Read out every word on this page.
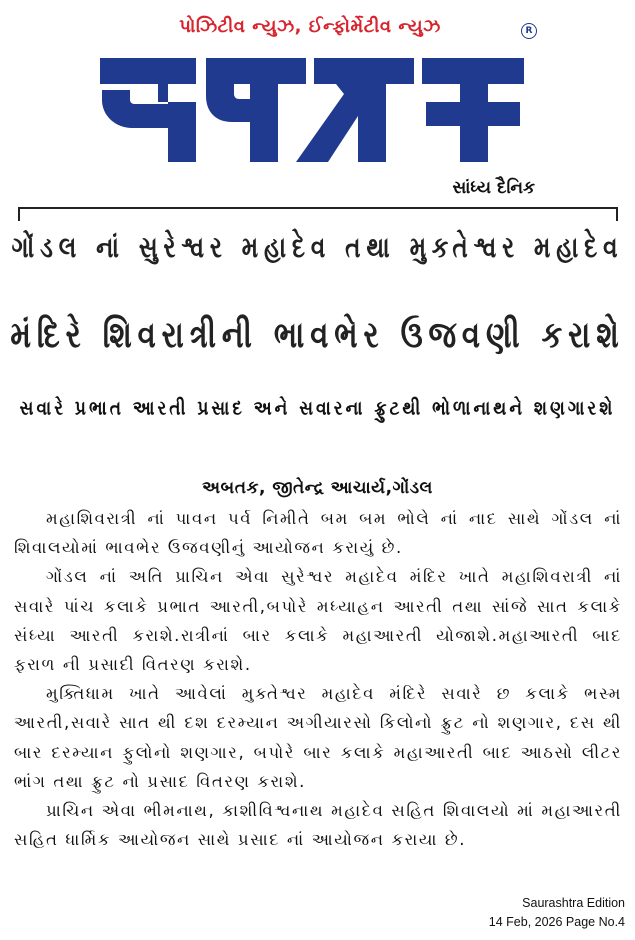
પોઝિટીવ ન્યુઝ, ઈન્ફોર્મેટીવ ન્યુઝ	R
સાંધ્ય દૈનિક
ગોંડલ નાં સુરેશ્વર મહાદેવ તથા મુક્તેશ્વર મહાદેવ
મંદિરે શિવરાત્રીની ભાવભેર ઉજવણી કરાશે
સવારે પ્રભાત આરતી પ્રસાદ અને સવારના ફ્રુટથી ભોળાનાથને શણગારશે
અબતક, જીતેન્દ્ર આચાર્ય,ગોંડલ

મહાશિવરાત્રી નાં પાવન પર્વ નિમીતે બમ બમ ભોલે નાં નાદ સાથે ગોંડલ નાં શિવાલયોમાં ભાવભેર ઉજવણીનું આયોજન કરાયું છે.

ગોંડલ નાં અતિ પ્રાચિન એવા સુરેશ્વર મહાદેવ મંદિર ખાતે મહાશિવરાત્રી નાં સવારે પાંચ કલાકે પ્રભાત આરતી,બપોરે મધ્યાહન આરતી તથા સાંજે સાત કલાકે સંધ્યા આરતી કરાશે.રાત્રીનાં બાર કલાકે મહાઆરતી યોજાશે.મહાઆરતી બાદ ફરાળ ની પ્રસાદી વિતરણ કરાશે.

મુક્તિધામ ખાતે આવેલાં મુક્તેશ્વર મહાદેવ મંદિરે સવારે છ કલાકે ભસ્મ આરતી,સવારે સાત થી દશ દરમ્યાન અગીયારસો કિલોનો ફ્રુટ નો શણગાર, દસ થી બાર દરમ્યાન ફુલોનો શણગાર, બપોરે બાર કલાકે મહાઆરતી બાદ આઠસો લીટર ભાંગ તથા ફ્રુટ નો પ્રસાદ વિતરણ કરાશે.

પ્રાચિન એવા ભીમનાથ, કાશીવિશ્વનાથ મહાદેવ સહિત શિવાલયો માં મહાઆરતી સહિત ધાર્મિક આયોજન સાથે પ્રસાદ નાં આયોજન કરાયા છે.

Saurashtra Edition
14 Feb, 2026 Page No.4
